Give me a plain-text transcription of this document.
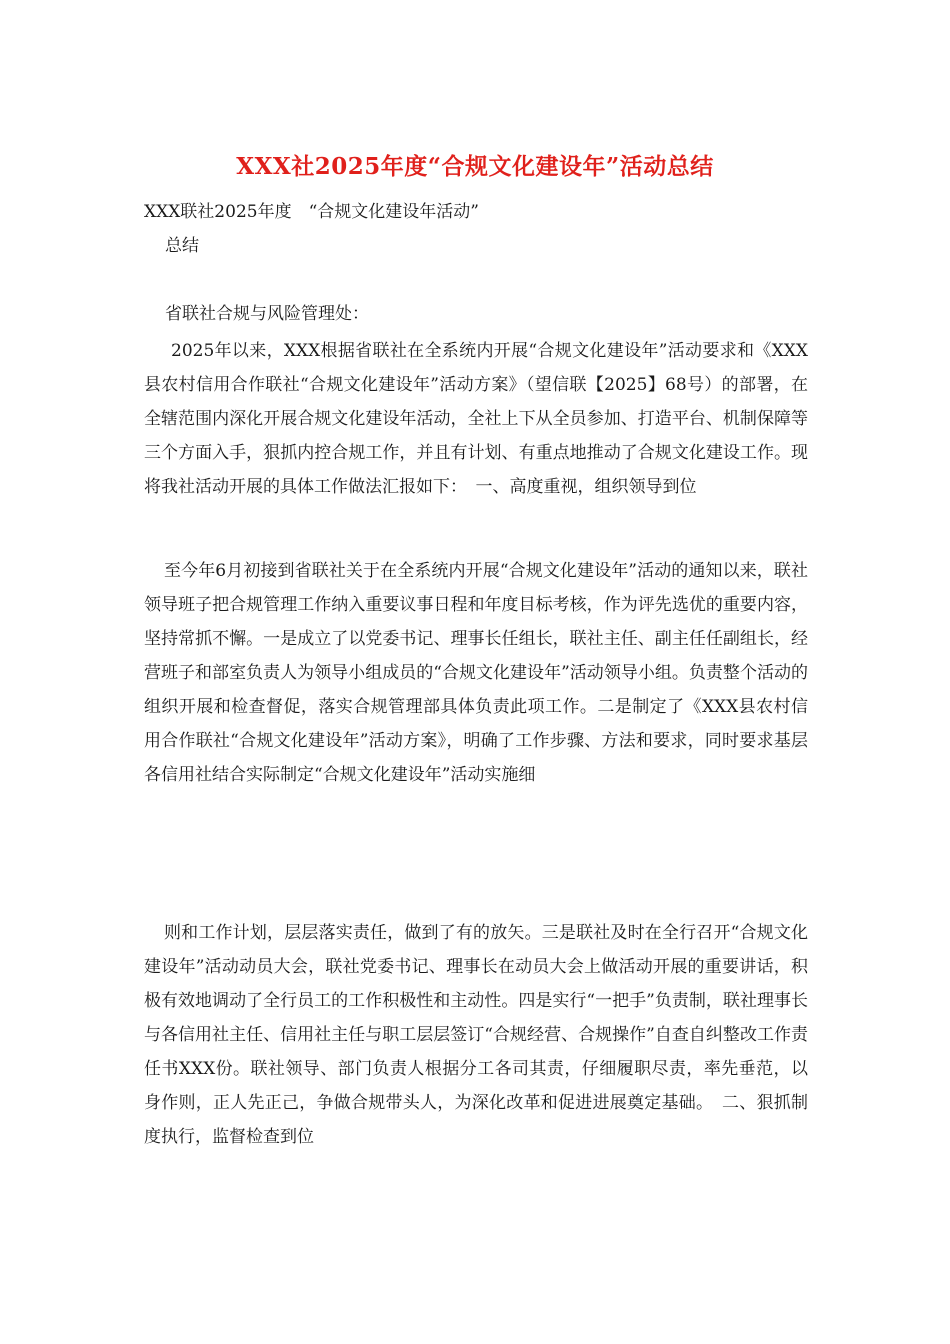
XXX社2025年度“合规文化建设年”活动总结

XXX联社2025年度　“合规文化建设年活动”

总结

省联社合规与风险管理处：

2025年以来，XXX根据省联社在全系统内开展“合规文化建设年”活动要求和《XXX县农村信用合作联社“合规文化建设年”活动方案》（望信联【2025】68号）的部署，在全辖范围内深化开展合规文化建设年活动，全社上下从全员参加、打造平台、机制保障等三个方面入手，狠抓内控合规工作，并且有计划、有重点地推动了合规文化建设工作。现将我社活动开展的具体工作做法汇报如下：　一、高度重视，组织领导到位

至今年6月初接到省联社关于在全系统内开展“合规文化建设年”活动的通知以来，联社领导班子把合规管理工作纳入重要议事日程和年度目标考核，作为评先选优的重要内容，坚持常抓不懈。一是成立了以党委书记、理事长任组长，联社主任、副主任任副组长，经营班子和部室负责人为领导小组成员的“合规文化建设年”活动领导小组。负责整个活动的组织开展和检查督促，落实合规管理部具体负责此项工作。二是制定了《XXX县农村信用合作联社“合规文化建设年”活动方案》，明确了工作步骤、方法和要求，同时要求基层各信用社结合实际制定“合规文化建设年”活动实施细

则和工作计划，层层落实责任，做到了有的放矢。三是联社及时在全行召开“合规文化建设年”活动动员大会，联社党委书记、理事长在动员大会上做活动开展的重要讲话，积极有效地调动了全行员工的工作积极性和主动性。四是实行“一把手”负责制，联社理事长与各信用社主任、信用社主任与职工层层签订“合规经营、合规操作”自查自纠整改工作责任书XXX份。联社领导、部门负责人根据分工各司其责，仔细履职尽责，率先垂范，以身作则，正人先正己，争做合规带头人，为深化改革和促进进展奠定基础。　二、狠抓制度执行，监督检查到位
